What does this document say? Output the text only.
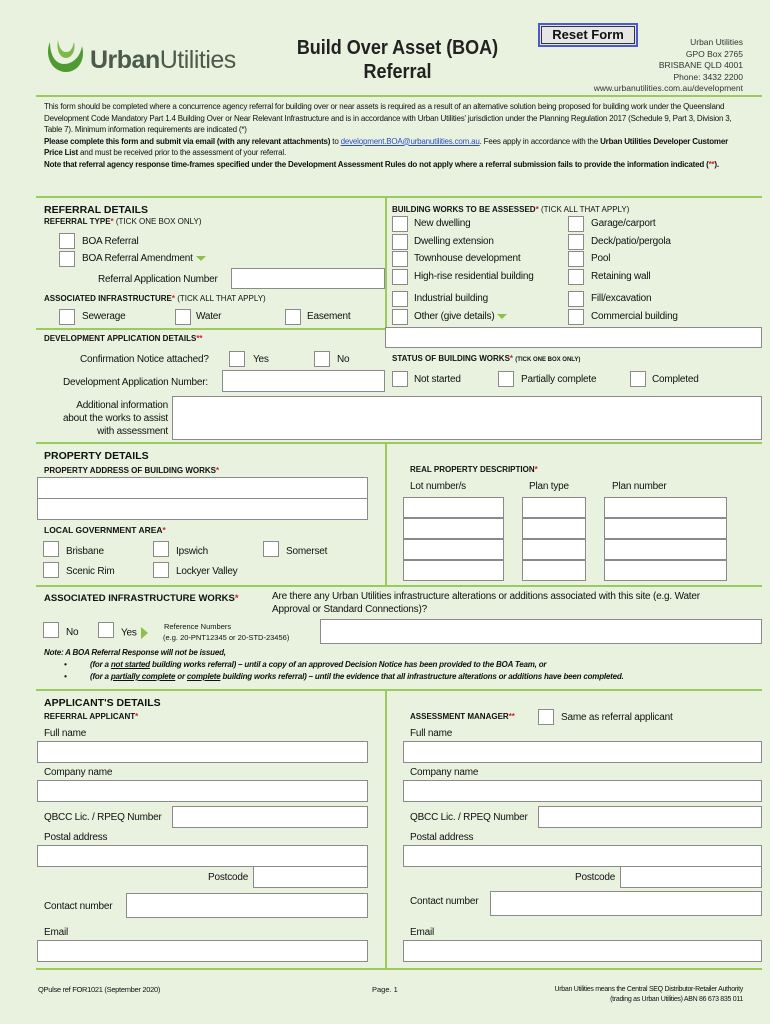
UrbanUtilities	Build Over Asset (BOA)
Referral
Reset Form	Urban Utilities
GPO Box 2765
BRISBANE QLD 4001
Phone: 3432 2200
www.urbanutilities.com.au/development
This form should be completed where a concurrence agency referral for building over or near assets is required as a result of an alternative solution being proposed for building work under the Queensland Development Code Mandatory Part 1.4 Building Over or Near Relevant Infrastructure and is in accordance with Urban Utilities' jurisdiction under the Planning Regulation 2017 (Schedule 9, Part 3, Division 3, Table 7). Minimum information requirements are indicated (*)
Please complete this form and submit via email (with any relevant attachments) to development.BOA@urbanutilities.com.au. Fees apply in accordance with the Urban Utilities Developer Customer Price List and must be received prior to the assessment of your referral.
Note that referral agency response time-frames specified under the Development Assessment Rules do not apply where a referral submission fails to provide the information indicated (**).
REFERRAL DETAILS
REFERRAL TYPE* (TICK ONE BOX ONLY)
BOA Referral
BOA Referral Amendment
Referral Application Number
ASSOCIATED INFRASTRUCTURE* (TICK ALL THAT APPLY)
Sewerage	Water	Easement
BUILDING WORKS TO BE ASSESSED* (TICK ALL THAT APPLY)
New dwelling
Dwelling extension
Townhouse development
High-rise residential building
Industrial building
Other (give details)
Garage/carport
Deck/patio/pergola
Pool
Retaining wall
Fill/excavation
Commercial building
DEVELOPMENT APPLICATION DETAILS**
Confirmation Notice attached?	Yes	No	STATUS OF BUILDING WORKS* (TICK ONE BOX ONLY)
Not started	Partially complete	Completed
Development Application Number:
Additional information
about the works to assist
with assessment
PROPERTY DETAILS
PROPERTY ADDRESS OF BUILDING WORKS*	REAL PROPERTY DESCRIPTION*
Lot number/s	Plan type	Plan number
LOCAL GOVERNMENT AREA*
Brisbane	Ipswich	Somerset
Scenic Rim	Lockyer Valley
ASSOCIATED INFRASTRUCTURE WORKS*	Are there any Urban Utilities infrastructure alterations or additions associated with this site (e.g. Water
Approval or Standard Connections)?
No	Yes
Reference Numbers
(e.g. 20-PNT12345 or 20-STD-23456)
Note: A BOA Referral Response will not be issued,
•	(for a not started building works referral) – until a copy of an approved Decision Notice has been provided to the BOA Team, or
•	(for a partially complete or complete building works referral) – until the evidence that all infrastructure alterations or additions have been completed.
APPLICANT'S DETAILS
REFERRAL APPLICANT*	ASSESSMENT MANAGER**	Same as referral applicant
Full name
Company name
QBCC Lic. / RPEQ Number
Postal address
Postcode
Contact number
Email
Full name
Company name
QBCC Lic. / RPEQ Number
Postal address
Postcode
Contact number
Email
QPulse ref FOR1021 (September 2020)	Page. 1	Urban Utilities means the Central SEQ Distributor-Retailer Authority
(trading as Urban Utilities) ABN 86 673 835 011
